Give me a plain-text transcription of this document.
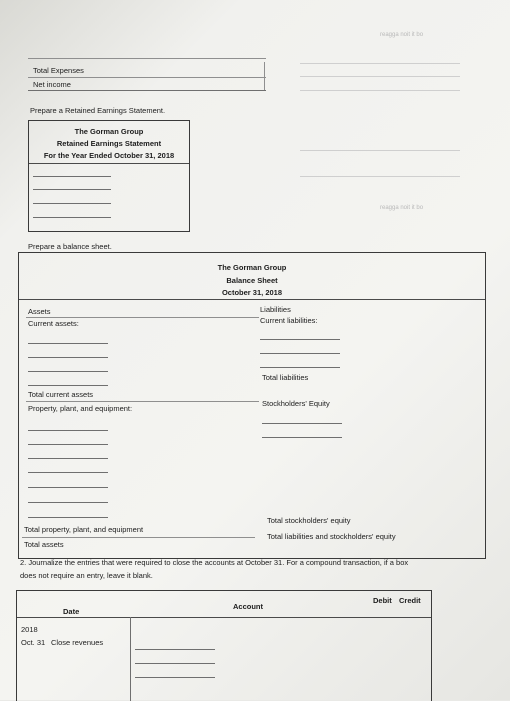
reagga noit it bo
Total Expenses
Net income
Prepare a Retained Earnings Statement.
The Gorman Group
Retained Earnings Statement
For the Year Ended October 31, 2018
reagga noit it bo
Prepare a balance sheet.
The Gorman Group
Balance Sheet
October 31, 2018
Assets
Current assets:
Total current assets
Property, plant, and equipment:
Total property, plant, and equipment
Total assets
Liabilities
Current liabilities:
Total liabilities
Stockholders' Equity
Total stockholders' equity
Total liabilities and stockholders' equity
2. Journalize the entries that were required to close the accounts at October 31. For a compound transaction, if a box
does not require an entry, leave it blank.
Date
Account
Debit Credit
2018
Oct. 31 Close revenues
